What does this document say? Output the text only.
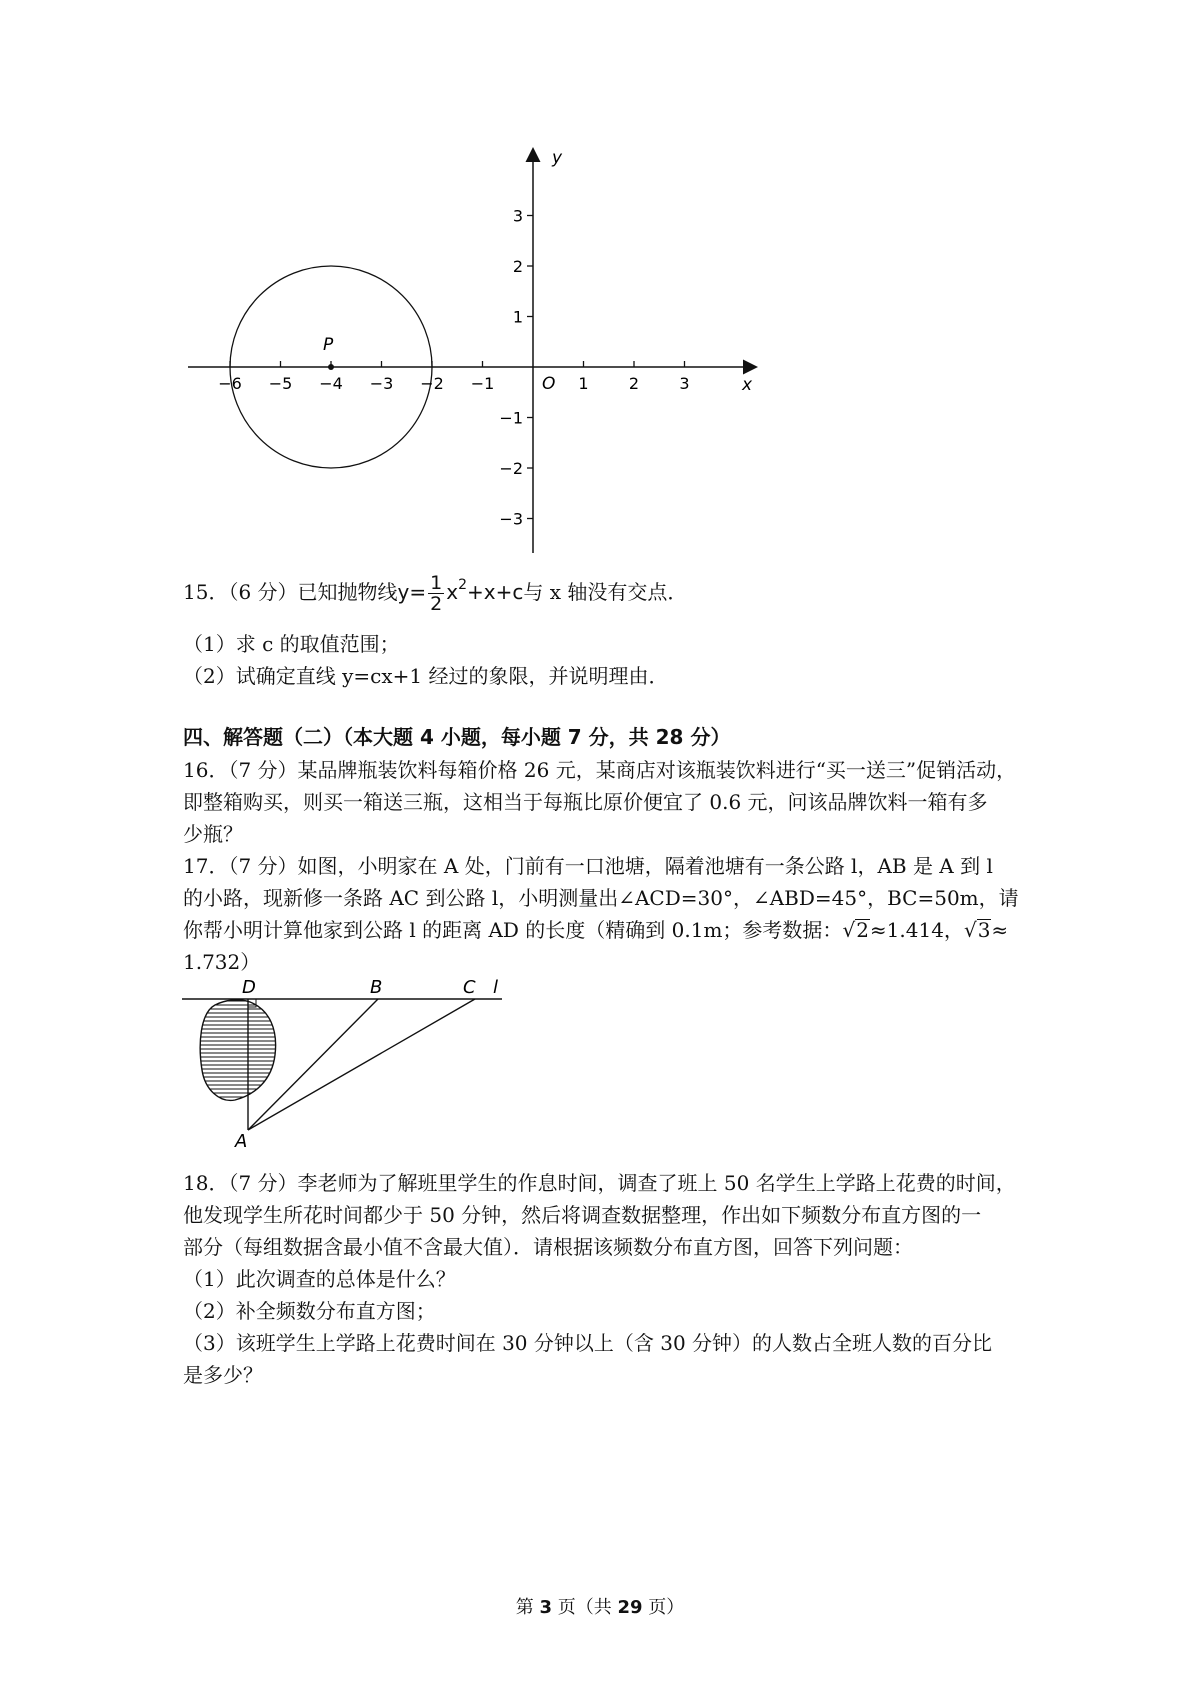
−6 −5 −4 −3 −2 −1	1	2	3
3
2
1
−1
−2
−3
P
O	x
y
15．（6 分）已知抛物线$y= \frac{1}{2} x^2+x+c$与 x 轴没有交点．
（1）求 c 的取值范围；
（2）试确定直线 y=cx+1 经过的象限，并说明理由．
四、解答题（二）（本大题 4 小题，每小题 7 分，共 28 分）
16．（7 分）某品牌瓶装饮料每箱价格 26 元，某商店对该瓶装饮料进行“买一送三”促销活动，
即整箱购买，则买一箱送三瓶，这相当于每瓶比原价便宜了 0.6 元，问该品牌饮料一箱有多
少瓶？
17．（7 分）如图，小明家在 A 处，门前有一口池塘，隔着池塘有一条公路 l，AB 是 A 到 l
的小路，现新修一条路 AC 到公路 l，小明测量出∠ACD=30°，∠ABD=45°，BC=50m，请
你帮小明计算他家到公路 l 的距离 AD 的长度（精确到 0.1m；参考数据：√2≈1.414，√3≈
1.732）
D	B	C l
A
18．（7 分）李老师为了解班里学生的作息时间，调查了班上 50 名学生上学路上花费的时间，
他发现学生所花时间都少于 50 分钟，然后将调查数据整理，作出如下频数分布直方图的一
部分（每组数据含最小值不含最大值）．请根据该频数分布直方图，回答下列问题：
（1）此次调查的总体是什么？
（2）补全频数分布直方图；
（3）该班学生上学路上花费时间在 30 分钟以上（含 30 分钟）的人数占全班人数的百分比
是多少？
第 3 页（共 29 页）
